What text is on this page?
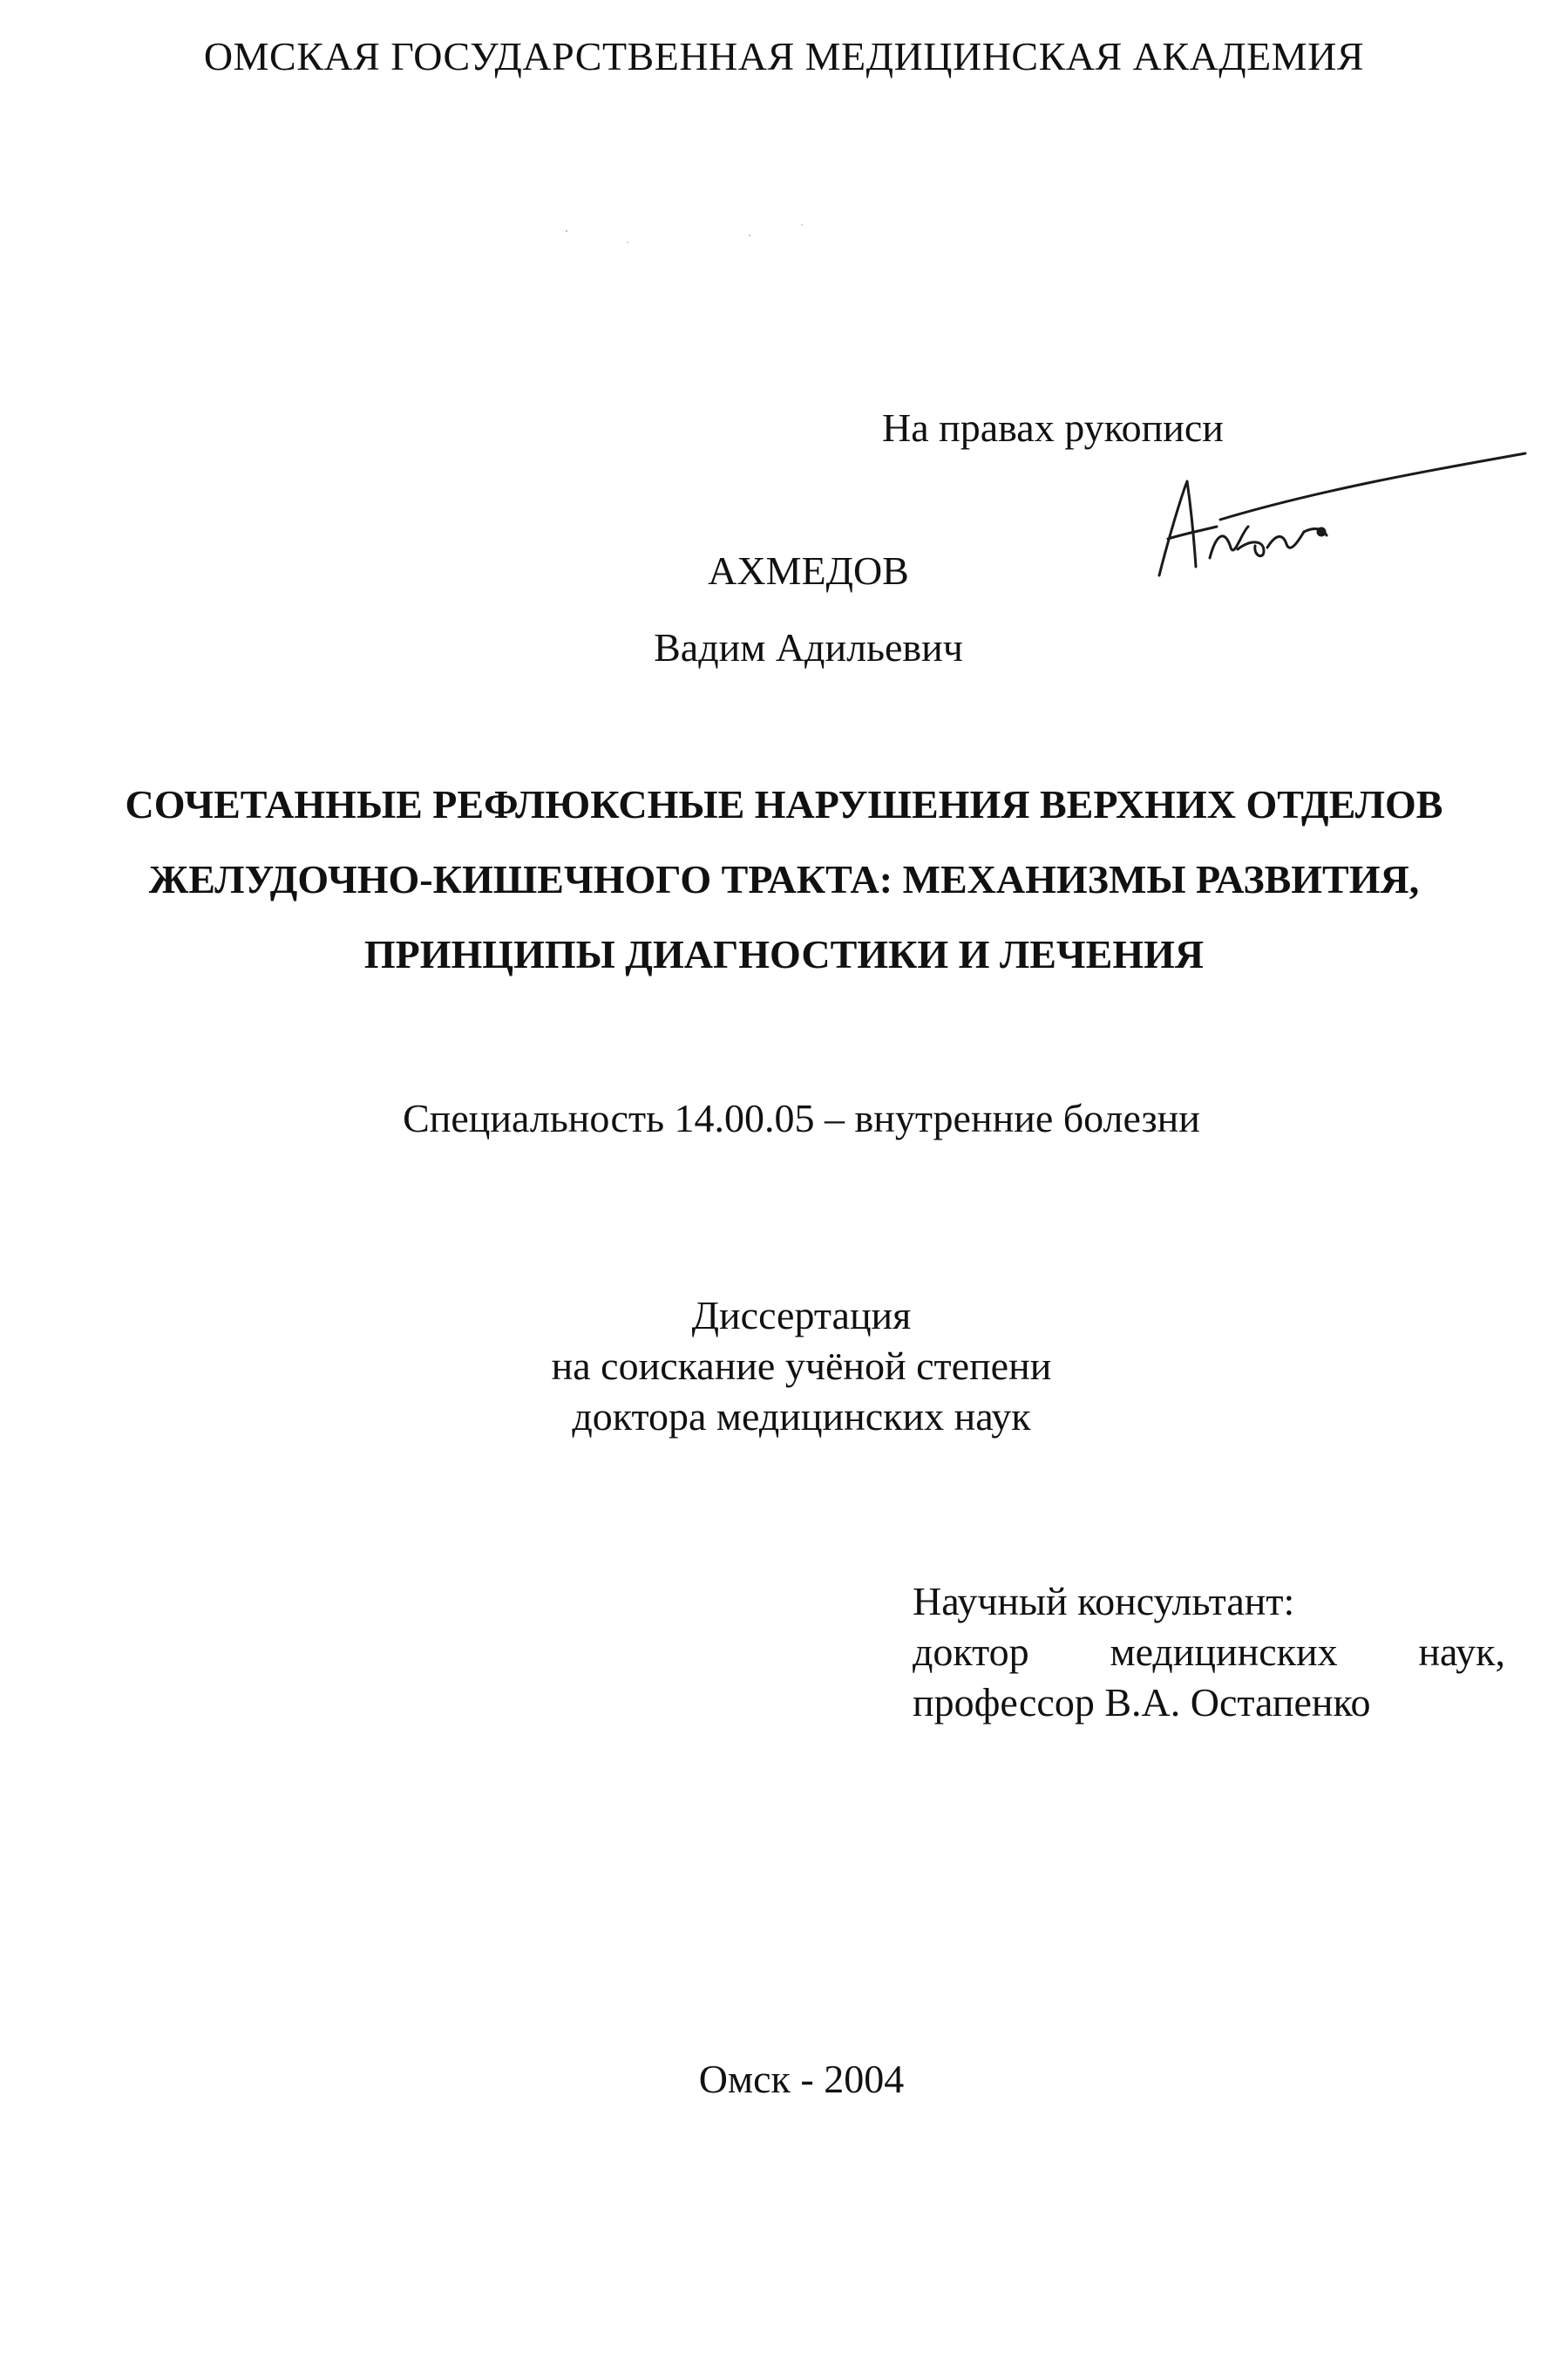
ОМСКАЯ ГОСУДАРСТВЕННАЯ МЕДИЦИНСКАЯ АКАДЕМИЯ
На правах рукописи
АХМЕДОВ
Вадим Адильевич
СОЧЕТАННЫЕ РЕФЛЮКСНЫЕ НАРУШЕНИЯ ВЕРХНИХ ОТДЕЛОВ
ЖЕЛУДОЧНО-КИШЕЧНОГО ТРАКТА: МЕХАНИЗМЫ РАЗВИТИЯ,
ПРИНЦИПЫ ДИАГНОСТИКИ И ЛЕЧЕНИЯ
Специальность 14.00.05 – внутренние болезни
Диссертация
на соискание учёной степени
доктора медицинских наук
Научный консультант:
доктор медицинских наук,
профессор В.А. Остапенко
Омск - 2004
